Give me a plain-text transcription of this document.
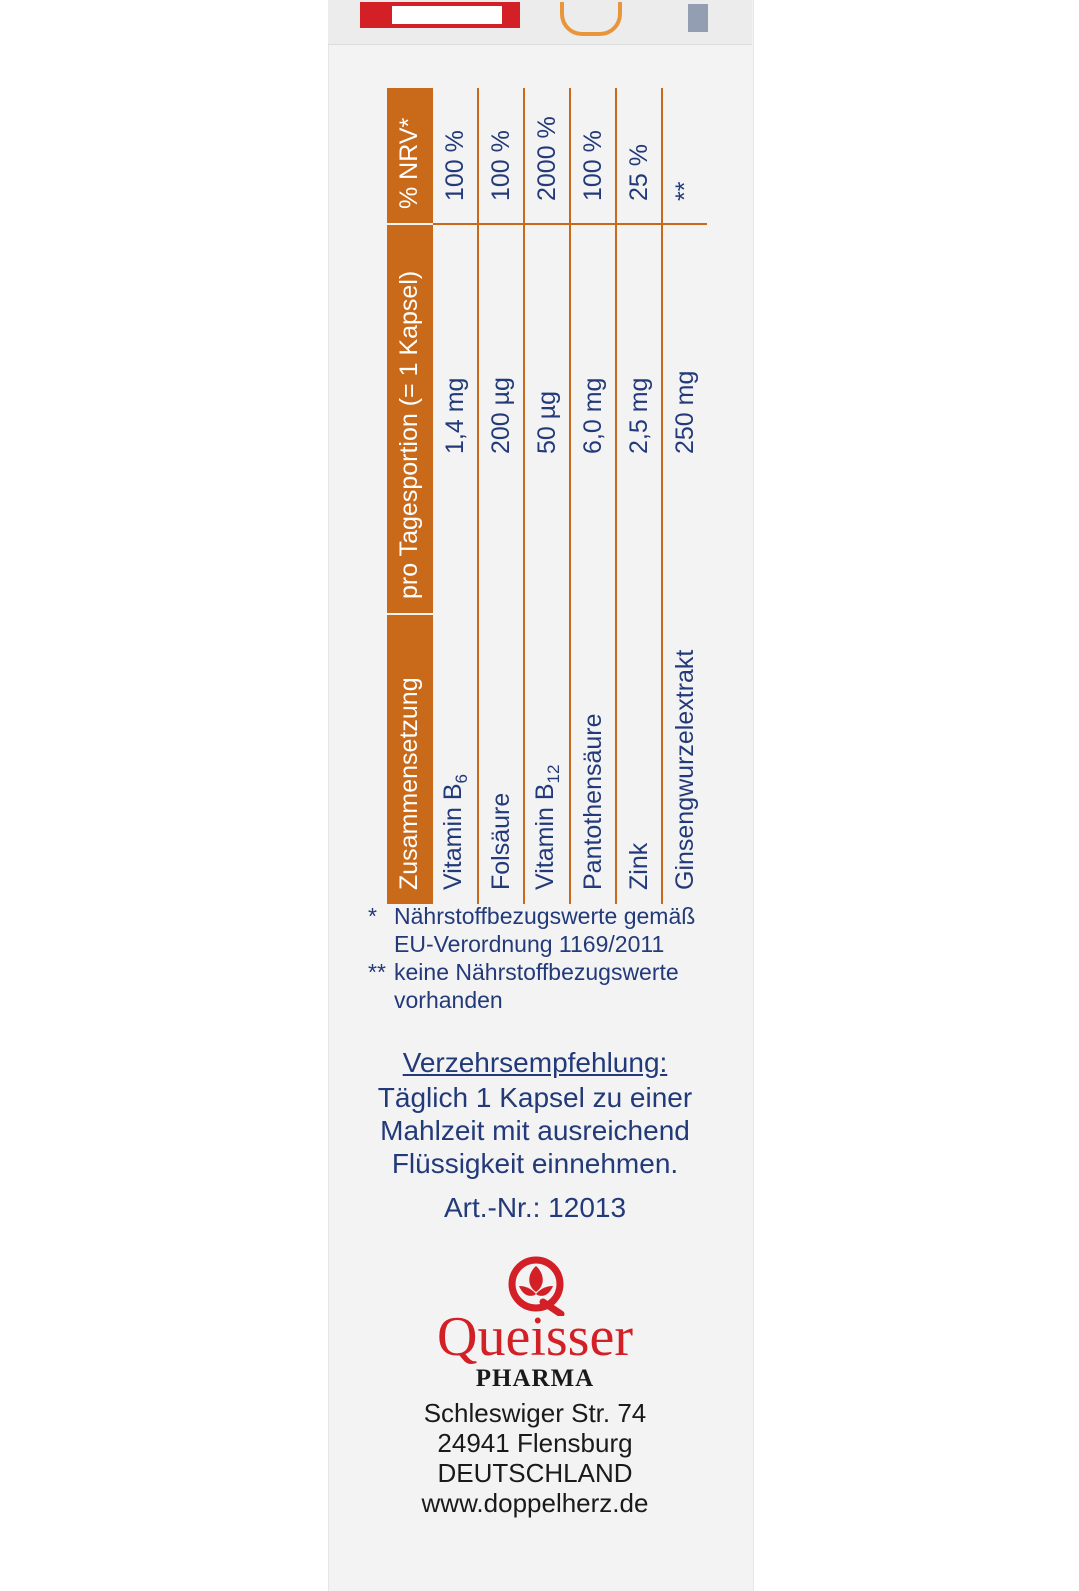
Zusammensetzung	pro Tagesportion (= 1 Kapsel)	% NRV*
Vitamin $B_6$	1,4 mg	100 %
Folsäure	200 µg	100 %
Vitamin $B_{12}$	50 µg	2000 %
Pantothensäure	6,0 mg	100 %
Zink	2,5 mg	25 %
Ginsengwurzelextrakt	250 mg	**
* Nährstoffbezugswerte gemäß EU-Verordnung 1169/2011
** keine Nährstoffbezugswerte vorhanden
Verzehrsempfehlung:
Täglich 1 Kapsel zu einer Mahlzeit mit ausreichend Flüssigkeit einnehmen.
Art.-Nr.: 12013
Queisser
PHARMA
Schleswiger Str. 74
24941 Flensburg
DEUTSCHLAND
www.doppelherz.de
